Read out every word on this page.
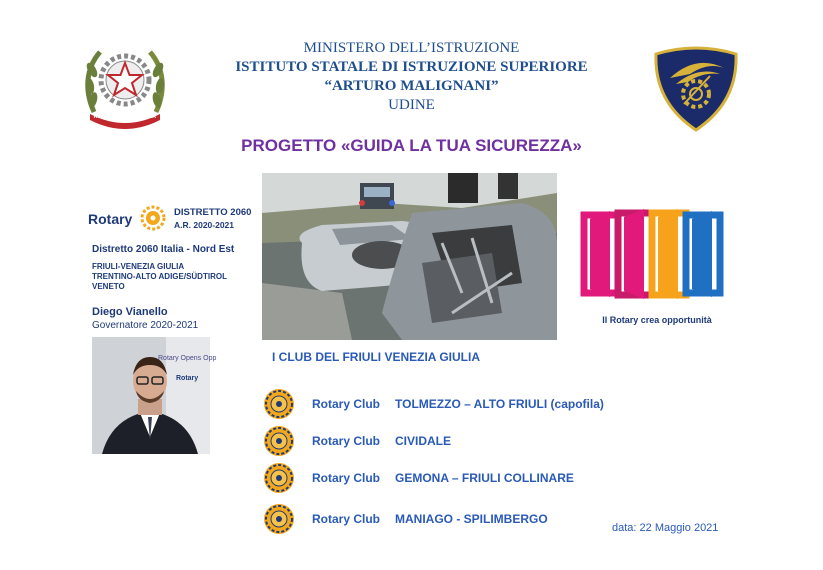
REPUBBLICA ITALIANA
MINISTERO DELL’ISTRUZIONE
ISTITUTO STATALE DI ISTRUZIONE SUPERIORE
“ARTURO MALIGNANI”
UDINE
PROGETTO «GUIDA LA TUA SICUREZZA»
Rotary	DISTRETTO 2060
A.R. 2020-2021
Distretto 2060 Italia - Nord Est
FRIULI-VENEZIA GIULIA
TRENTINO-ALTO ADIGE/SÜDTIROL
VENETO
Diego Vianello
Governatore 2020-2021
Rotary Opens Opp
Rotary
Il Rotary crea opportunità
I CLUB DEL FRIULI VENEZIA GIULIA
Rotary Club TOLMEZZO – ALTO FRIULI (capofila)
Rotary Club CIVIDALE
Rotary Club GEMONA – FRIULI COLLINARE
Rotary Club MANIAGO - SPILIMBERGO
data: 22 Maggio 2021
